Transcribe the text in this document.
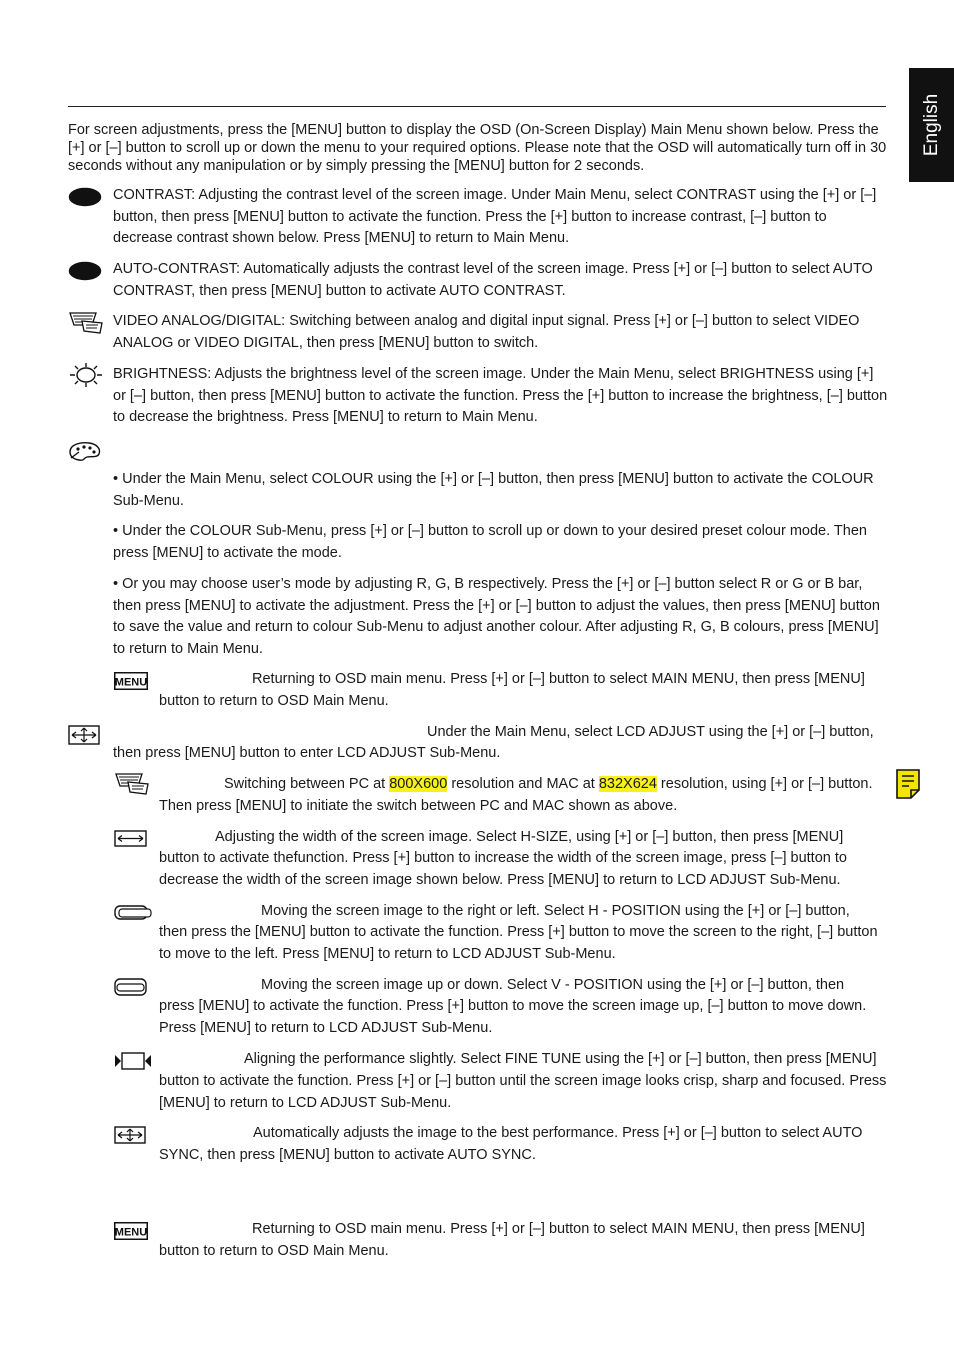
English

For screen adjustments, press the [MENU] button to display the OSD (On-Screen Display) Main Menu shown below. Press the [+] or [–] button to scroll up or down the menu to your required options. Please note that the OSD will automatically turn off in 30 seconds without any manipulation or by simply pressing the [MENU] button for 2 seconds.

CONTRAST: Adjusting the contrast level of the screen image. Under Main Menu, select CONTRAST using the [+] or [–] button, then press [MENU] button to activate the function. Press the [+] button to increase contrast, [–] button to decrease contrast shown below. Press [MENU] to return to Main Menu.

AUTO-CONTRAST: Automatically adjusts the contrast level of the screen image. Press [+] or [–] button to select AUTO CONTRAST, then press [MENU] button to activate AUTO CONTRAST.

VIDEO ANALOG/DIGITAL: Switching between analog and digital input signal. Press [+] or [–] button to select VIDEO ANALOG or VIDEO DIGITAL, then press [MENU] button to switch.

BRIGHTNESS: Adjusts the brightness level of the screen image. Under the Main Menu, select BRIGHTNESS using [+] or [–] button, then press [MENU] button to activate the function. Press the [+] button to increase the brightness, [–] button to decrease the brightness. Press [MENU] to return to Main Menu.

• Under the Main Menu, select COLOUR using the [+] or [–] button, then press [MENU] button to activate the COLOUR Sub-Menu.

• Under the COLOUR Sub-Menu, press [+] or [–] button to scroll up or down to your desired preset colour mode. Then press [MENU] to activate the mode.

• Or you may choose user’s mode by adjusting R, G, B respectively. Press the [+] or [–] button select R or G or B bar, then press [MENU] to activate the adjustment. Press the [+] or [–] button to adjust the values, then press [MENU] button to save the value and return to colour Sub-Menu to adjust another colour. After adjusting R, G, B colours, press [MENU] to return to Main Menu.

MENU	Returning to OSD main menu. Press [+] or [–] button to select MAIN MENU, then press [MENU]

button to return to OSD Main Menu.

Under the Main Menu, select LCD ADJUST using the [+] or [–] button,

then press [MENU] button to enter LCD ADJUST Sub-Menu.

Switching between PC at 800X600 resolution and MAC at 832X624 resolution, using [+] or [–] button.

Then press [MENU] to initiate the switch between PC and MAC shown as above.

Adjusting the width of the screen image. Select H-SIZE, using [+] or [–] button, then press [MENU]

button to activate thefunction. Press [+] button to increase the width of the screen image, press [–] button to decrease the width of the screen image shown below. Press [MENU] to return to LCD ADJUST Sub-Menu.

Moving the screen image to the right or left. Select H - POSITION using the [+] or [–] button,

then press the [MENU] button to activate the function. Press [+] button to move the screen to the right, [–] button to move to the left. Press [MENU] to return to LCD ADJUST Sub-Menu.

Moving the screen image up or down. Select V - POSITION using the [+] or [–] button, then

press [MENU] to activate the function. Press [+] button to move the screen image up, [–] button to move down. Press [MENU] to return to LCD ADJUST Sub-Menu.

Aligning the performance slightly. Select FINE TUNE using the [+] or [–] button, then press [MENU]

button to activate the function. Press [+] or [–] button until the screen image looks crisp, sharp and focused. Press [MENU] to return to LCD ADJUST Sub-Menu.

Automatically adjusts the image to the best performance. Press [+] or [–] button to select AUTO

SYNC, then press [MENU] button to activate AUTO SYNC.

MENU	Returning to OSD main menu. Press [+] or [–] button to select MAIN MENU, then press [MENU]

button to return to OSD Main Menu.
